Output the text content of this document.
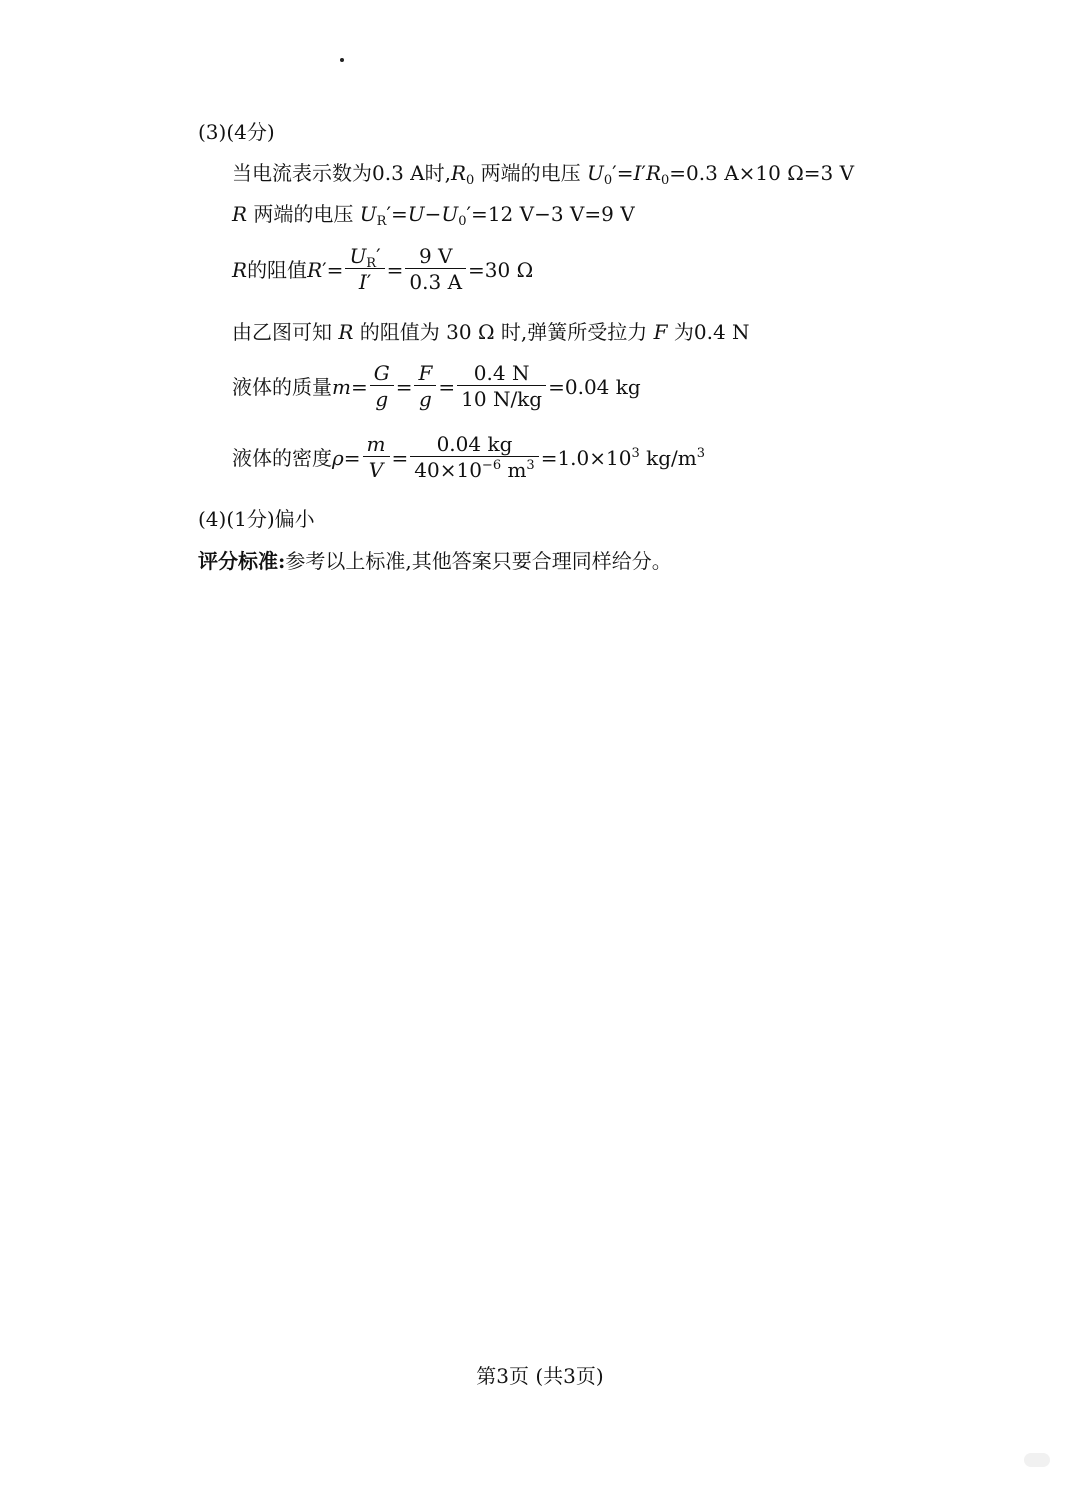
(3)(4分)
当电流表示数为0.3 A时$,R_0$ 两端的电压 $U_0'=I'R_0=0.3$ A×10 Ω=3 V
R 两端的电压 $U_R'=U-U_0'=12$ V−3 V=9 V
R 的阻值 R ′= $\frac{U_R'}{I'} = \frac{9 V}{0.3 A} =30$ Ω
由乙图可知 R 的阻值为 30 Ω 时,弹簧所受拉力 F 为0.4 N
液体的质量 $m = \frac{G}{g} = \frac{F}{g} = \frac{0.4 N}{10 N/kg} =0.04$ kg
液体的密度 $\rho = \frac{m}{V} = \frac{0.04 kg}{40\times 10^{-6} m^3} =1.0\times 10^3$ $kg/m^3$
(4)(1分)偏小
评分标准:参考以上标准,其他答案只要合理同样给分。
第3页 (共3页)
